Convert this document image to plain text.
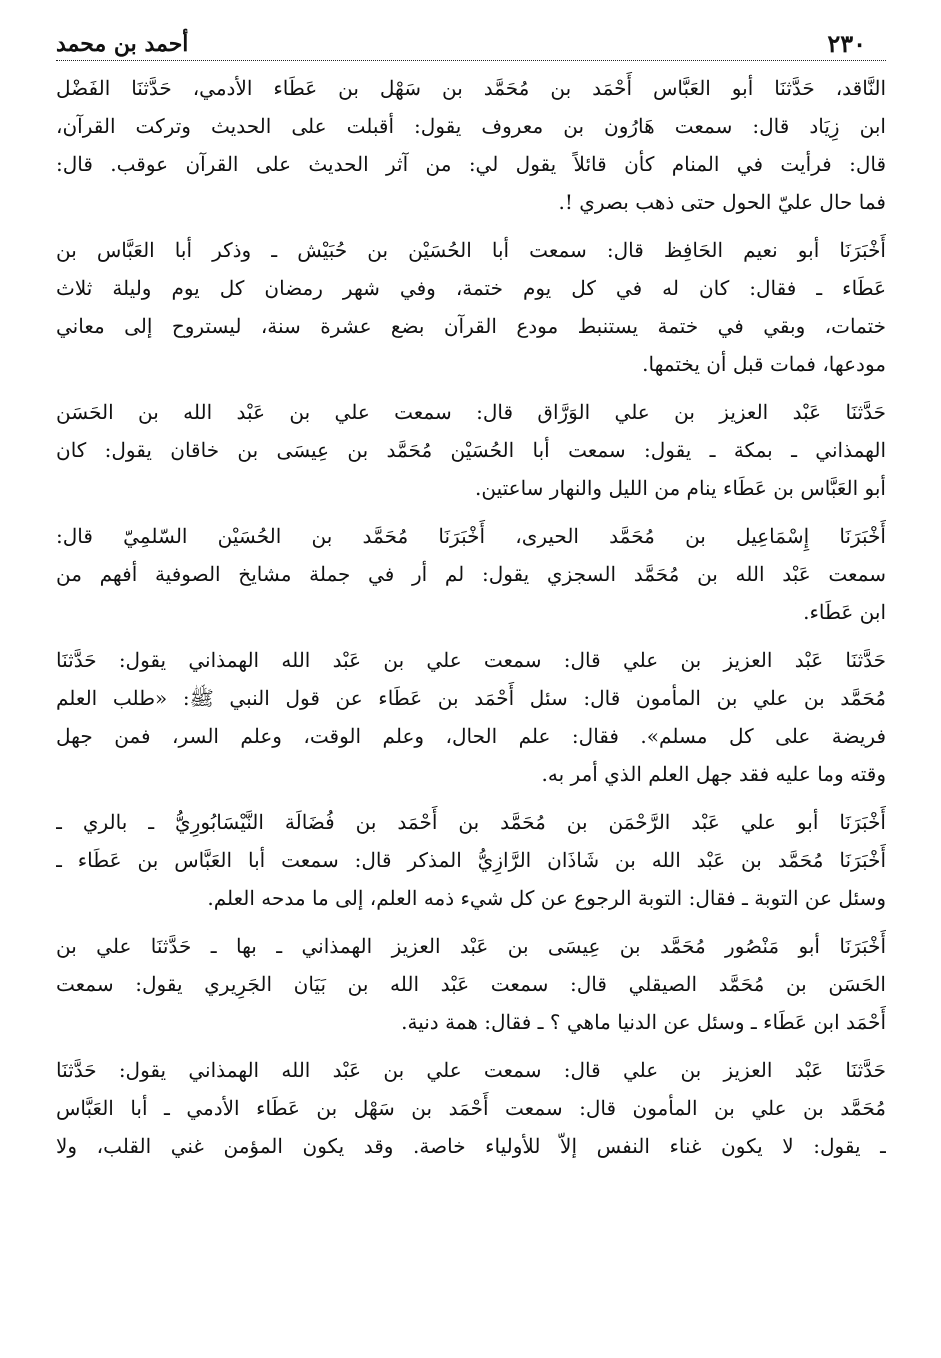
٢٣٠
أحمد بن محمد

النَّاقد، حَدَّثنَا أبو العَبَّاس أَحْمَد بن مُحَمَّد بن سَهْل بن عَطَاء الأدمي، حَدَّثنَا الفَضْل
ابن زِيَاد قال: سمعت هَارُون بن معروف يقول: أقبلت على الحديث وتركت القرآن،
قال: فرأيت في المنام كأن قائلاً يقول لي: من آثر الحديث على القرآن عوقب. قال:
فما حال عليّ الحول حتى ذهب بصري !.

أَخْبَرَنَا أبو نعيم الحَافِظ قال: سمعت أبا الحُسَيْن بن حُبَيْش ـ وذكر أبا العَبَّاس بن
عَطَاء ـ فقال: كان له في كل يوم ختمة، وفي شهر رمضان كل يوم وليلة ثلاث
ختمات، وبقي في ختمة يستنبط مودع القرآن بضع عشرة سنة، ليستروح إلى معاني
مودعها، فمات قبل أن يختمها.

حَدَّثنَا عَبْد العزيز بن علي الوَرَّاق قال: سمعت علي بن عَبْد الله بن الحَسَن
الهمذاني ـ بمكة ـ يقول: سمعت أبا الحُسَيْن مُحَمَّد بن عِيسَى بن خاقان يقول: كان
أبو العَبَّاس بن عَطَاء ينام من الليل والنهار ساعتين.

أَخْبَرَنَا إِسْمَاعِيل بن مُحَمَّد الحيرى، أَخْبَرَنَا مُحَمَّد بن الحُسَيْن السّلمِيّ قال:
سمعت عَبْد الله بن مُحَمَّد السجزي يقول: لم أر في جملة مشايخ الصوفية أفهم من
ابن عَطَاء.

حَدَّثنَا عَبْد العزيز بن علي قال: سمعت علي بن عَبْد الله الهمذاني يقول: حَدَّثنَا
مُحَمَّد بن علي بن المأمون قال: سئل أَحْمَد بن عَطَاء عن قول النبي ﷺ: «طلب العلم
فريضة على كل مسلم». فقال: علم الحال، وعلم الوقت، وعلم السر، فمن جهل
وقته وما عليه فقد جهل العلم الذي أمر به.

أَخْبَرَنَا أبو علي عَبْد الرَّحْمَن بن مُحَمَّد بن أَحْمَد بن فُضَالَة النَّيْسَابُورِيُّ ـ بالري ـ
أَخْبَرَنَا مُحَمَّد بن عَبْد الله بن شَاذَان الرَّازِيُّ المذكر قال: سمعت أبا العَبَّاس بن عَطَاء ـ
وسئل عن التوبة ـ فقال: التوبة الرجوع عن كل شيء ذمه العلم، إلى ما مدحه العلم.

أَخْبَرَنَا أبو مَنْصُور مُحَمَّد بن عِيسَى بن عَبْد العزيز الهمذاني ـ بها ـ حَدَّثنَا علي بن
الحَسَن بن مُحَمَّد الصيقلي قال: سمعت عَبْد الله بن بَيَان الجَرِيري يقول: سمعت
أَحْمَد ابن عَطَاء ـ وسئل عن الدنيا ماهي ؟ ـ فقال: همة دنية.

حَدَّثنَا عَبْد العزيز بن علي قال: سمعت علي بن عَبْد الله الهمذاني يقول: حَدَّثنَا
مُحَمَّد بن علي بن المأمون قال: سمعت أَحْمَد بن سَهْل بن عَطَاء الأدمي ـ أبا العَبَّاس
ـ يقول: لا يكون غناء النفس إلاّ للأولياء خاصة. وقد يكون المؤمن غني القلب، ولا
